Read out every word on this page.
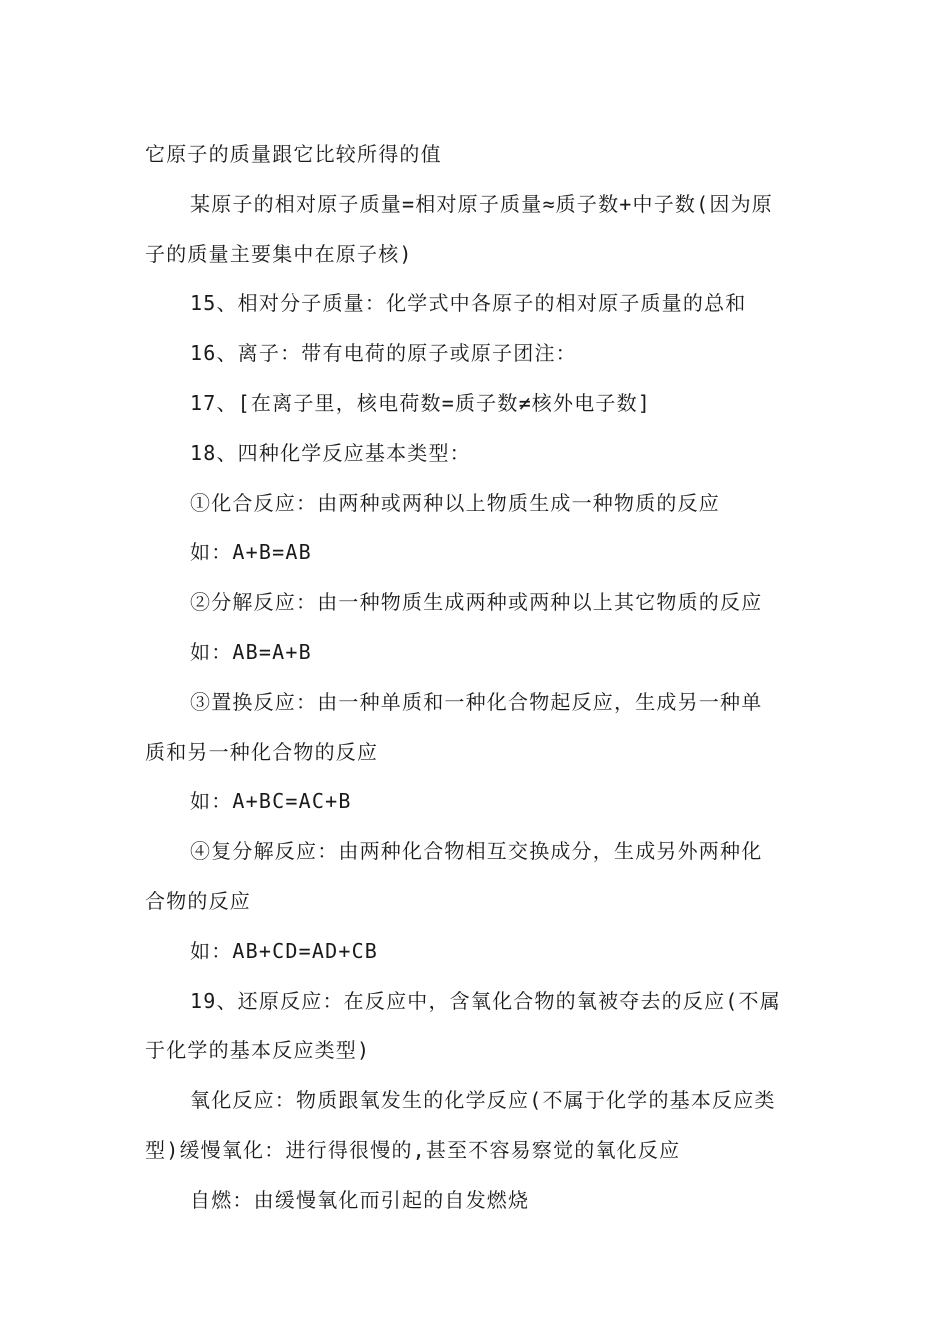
它原子的质量跟它比较所得的值
某原子的相对原子质量=相对原子质量≈质子数+中子数(因为原
子的质量主要集中在原子核)
15、相对分子质量：化学式中各原子的相对原子质量的总和
16、离子：带有电荷的原子或原子团注：
17、[在离子里，核电荷数=质子数≠核外电子数]
18、四种化学反应基本类型：
①化合反应：由两种或两种以上物质生成一种物质的反应
如：A+B=AB
②分解反应：由一种物质生成两种或两种以上其它物质的反应
如：AB=A+B
③置换反应：由一种单质和一种化合物起反应，生成另一种单
质和另一种化合物的反应
如：A+BC=AC+B
④复分解反应：由两种化合物相互交换成分，生成另外两种化
合物的反应
如：AB+CD=AD+CB
19、还原反应：在反应中，含氧化合物的氧被夺去的反应(不属
于化学的基本反应类型)
氧化反应：物质跟氧发生的化学反应(不属于化学的基本反应类
型)缓慢氧化：进行得很慢的,甚至不容易察觉的氧化反应
自燃：由缓慢氧化而引起的自发燃烧
